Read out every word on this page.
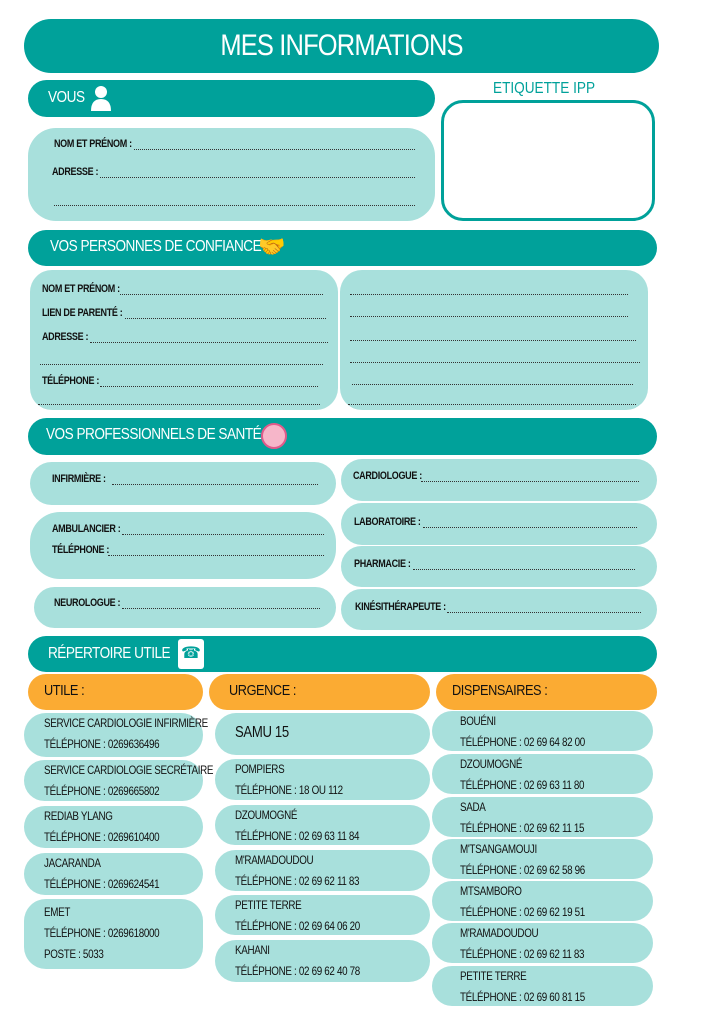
MES INFORMATIONS
VOUS
ETIQUETTE IPP
NOM ET PRÉNOM :
ADRESSE :
VOS PERSONNES DE CONFIANCE
🤝
NOM ET PRÉNOM :
LIEN DE PARENTÉ :
ADRESSE :
TÉLÉPHONE :
VOS PROFESSIONNELS DE SANTÉ
INFIRMIÈRE :
AMBULANCIER :
TÉLÉPHONE :
NEUROLOGUE :
CARDIOLOGUE :
LABORATOIRE :
PHARMACIE :
KINÉSITHÉRAPEUTE :
RÉPERTOIRE UTILE ☎
UTILE :	URGENCE :	DISPENSAIRES :
SERVICE CARDIOLOGIE INFIRMIÈRE
TÉLÉPHONE : 0269636496
SERVICE CARDIOLOGIE SECRÉTAIRE
TÉLÉPHONE : 0269665802
REDIAB YLANG
TÉLÉPHONE : 0269610400
JACARANDA
TÉLÉPHONE : 0269624541
EMET
TÉLÉPHONE : 0269618000
POSTE : 5033
SAMU 15
POMPIERS
TÉLÉPHONE : 18 OU 112
DZOUMOGNÉ
TÉLÉPHONE : 02 69 63 11 84
M'RAMADOUDOU
TÉLÉPHONE : 02 69 62 11 83
PETITE TERRE
TÉLÉPHONE : 02 69 64 06 20
KAHANI
TÉLÉPHONE : 02 69 62 40 78
BOUÉNI
TÉLÉPHONE : 02 69 64 82 00
DZOUMOGNÉ
TÉLÉPHONE : 02 69 63 11 80
SADA
TÉLÉPHONE : 02 69 62 11 15
M'TSANGAMOUJI
TÉLÉPHONE : 02 69 62 58 96
MTSAMBORO
TÉLÉPHONE : 02 69 62 19 51
M'RAMADOUDOU
TÉLÉPHONE : 02 69 62 11 83
PETITE TERRE
TÉLÉPHONE : 02 69 60 81 15
